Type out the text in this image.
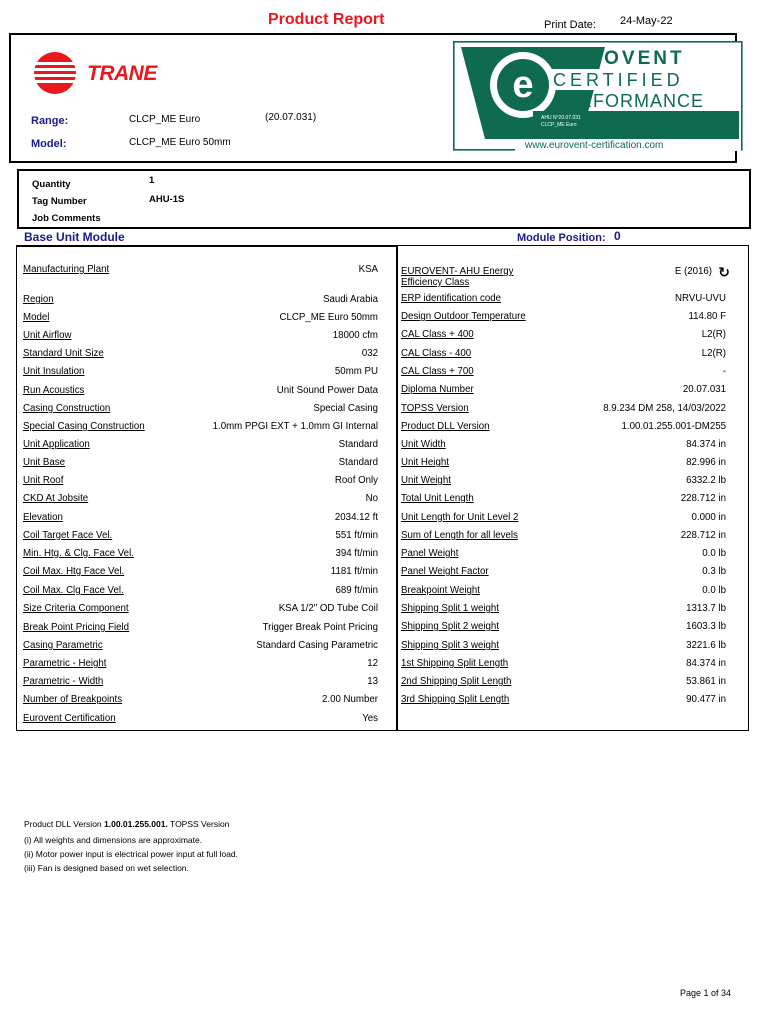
Product Report	Print Date: 24-May-22
TRANE
Range:	CLCP_ME Euro	(20.07.031)
Model:	CLCP_ME Euro 50mm
e
EUROVENT
CERTIFIED
PERFORMANCE
AHU N°20.07.031
CLCP_ME Euro
www.eurovent-certification.com
Quantity	1
Tag Number	AHU-1S
Job Comments
Base Unit Module	Module Position: 0
Manufacturing Plant	KSA
Region	Saudi Arabia
Model	CLCP_ME Euro 50mm
Unit Airflow	18000 cfm
Standard Unit Size	032
Unit Insulation	50mm PU
Run Acoustics	Unit Sound Power Data
Casing Construction	Special Casing
Special Casing Construction	1.0mm PPGI EXT + 1.0mm GI Internal
Unit Application	Standard
Unit Base	Standard
Unit Roof	Roof Only
CKD At Jobsite	No
Elevation	2034.12 ft
Coil Target Face Vel.	551 ft/min
Min. Htg. & Clg. Face Vel.	394 ft/min
Coil Max. Htg Face Vel.	1181 ft/min
Coil Max. Clg Face Vel.	689 ft/min
Size Criteria Component	KSA 1/2" OD Tube Coil
Break Point Pricing Field	Trigger Break Point Pricing
Casing Parametric	Standard Casing Parametric
Parametric - Height	12
Parametric - Width	13
Number of Breakpoints	2.00 Number
Eurovent Certification	Yes
EUROVENT- AHU Energy
Efficiency Class
E (2016) ↻
ERP identification code	NRVU-UVU
Design Outdoor Temperature	114.80 F
CAL Class + 400	L2(R)
CAL Class - 400	L2(R)
CAL Class + 700	-
Diploma Number	20.07.031
TOPSS Version	8.9.234 DM 258, 14/03/2022
Product DLL Version	1.00.01.255.001-DM255
Unit Width	84.374 in
Unit Height	82.996 in
Unit Weight	6332.2 lb
Total Unit Length	228.712 in
Unit Length for Unit Level 2	0.000 in
Sum of Length for all levels	228.712 in
Panel Weight	0.0 lb
Panel Weight Factor	0.3 lb
Breakpoint Weight	0.0 lb
Shipping Split 1 weight	1313.7 lb
Shipping Split 2 weight	1603.3 lb
Shipping Split 3 weight	3221.6 lb
1st Shipping Split Length	84.374 in
2nd Shipping Split Length	53.861 in
3rd Shipping Split Length	90.477 in
Product DLL Version 1.00.01.255.001. TOPSS Version
(i) All weights and dimensions are approximate.
(ii) Motor power input is electrical power input at full load.
(iii) Fan is designed based on wet selection.
Page 1 of 34
